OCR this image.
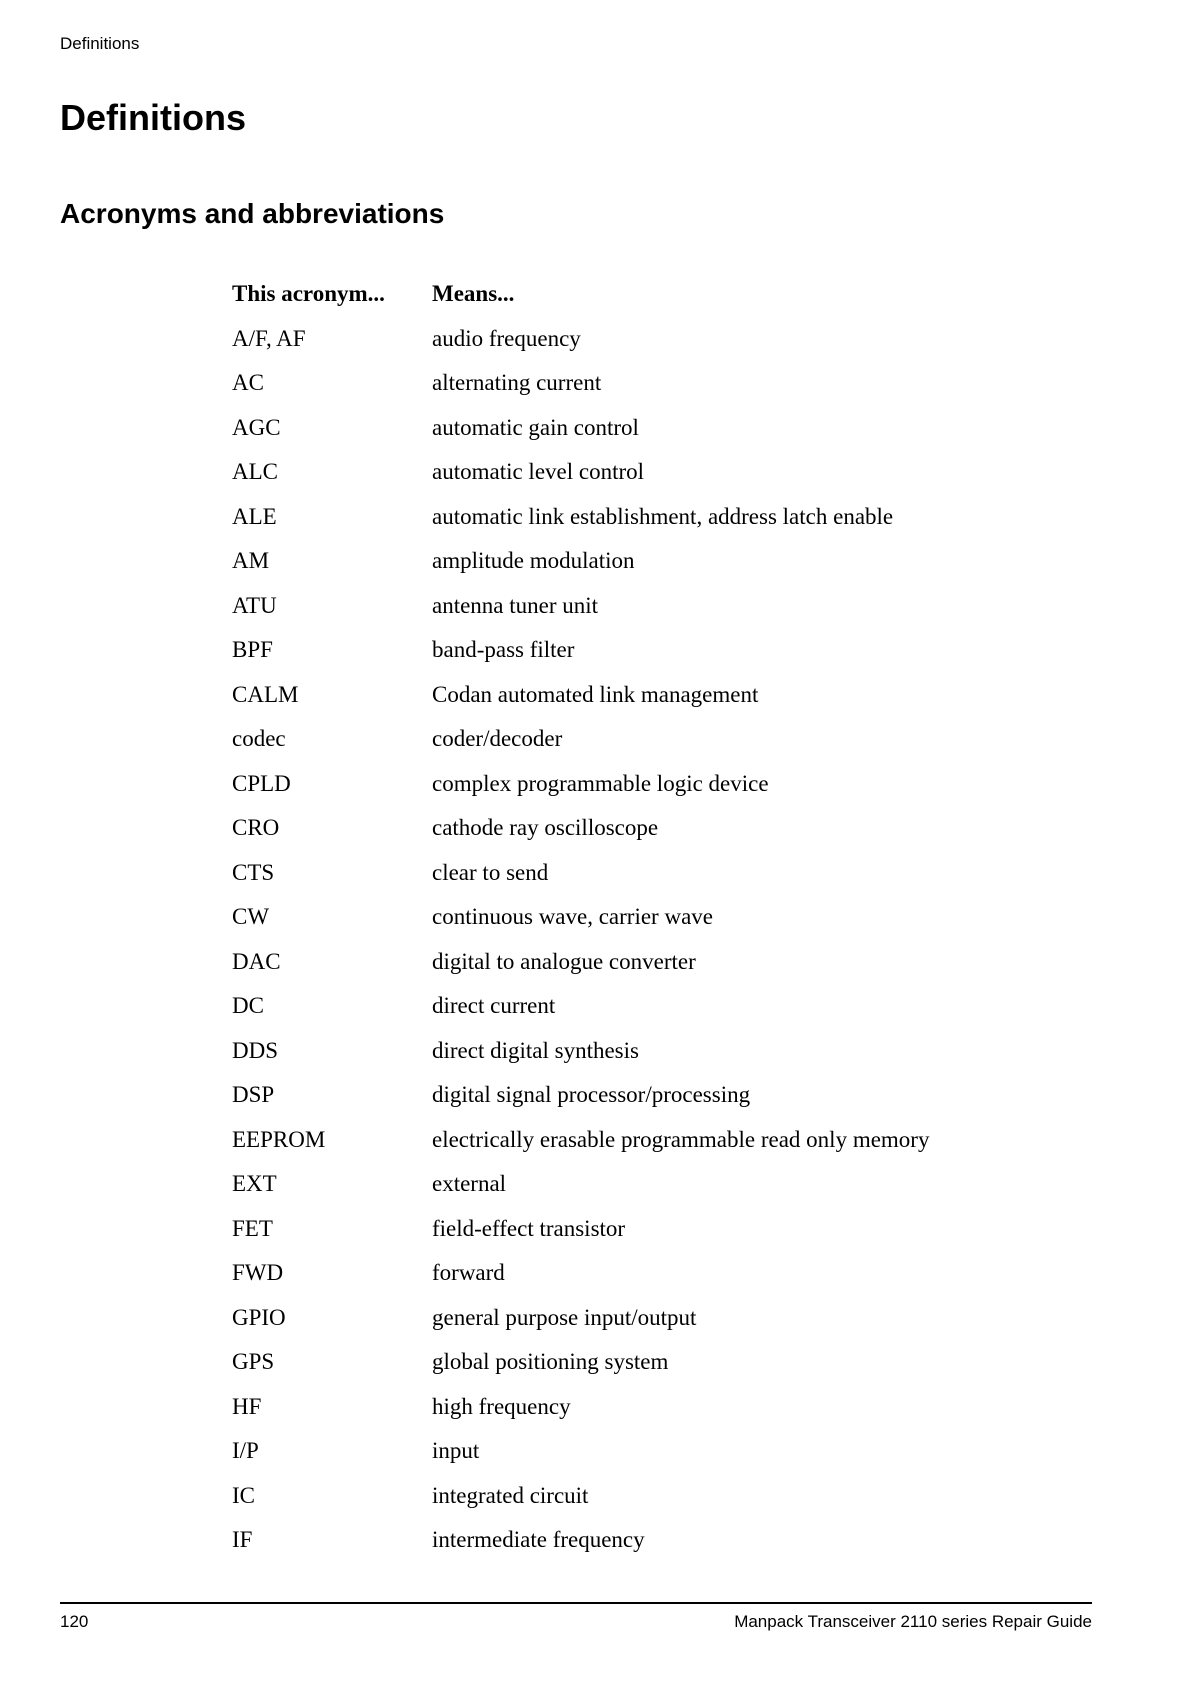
Definitions
Definitions
Acronyms and abbreviations
This acronym...	Means...
A/F, AF	audio frequency
AC	alternating current
AGC	automatic gain control
ALC	automatic level control
ALE	automatic link establishment, address latch enable
AM	amplitude modulation
ATU	antenna tuner unit
BPF	band-pass filter
CALM	Codan automated link management
codec	coder/decoder
CPLD	complex programmable logic device
CRO	cathode ray oscilloscope
CTS	clear to send
CW	continuous wave, carrier wave
DAC	digital to analogue converter
DC	direct current
DDS	direct digital synthesis
DSP	digital signal processor/processing
EEPROM	electrically erasable programmable read only memory
EXT	external
FET	field-effect transistor
FWD	forward
GPIO	general purpose input/output
GPS	global positioning system
HF	high frequency
I/P	input
IC	integrated circuit
IF	intermediate frequency
120	Manpack Transceiver 2110 series Repair Guide
